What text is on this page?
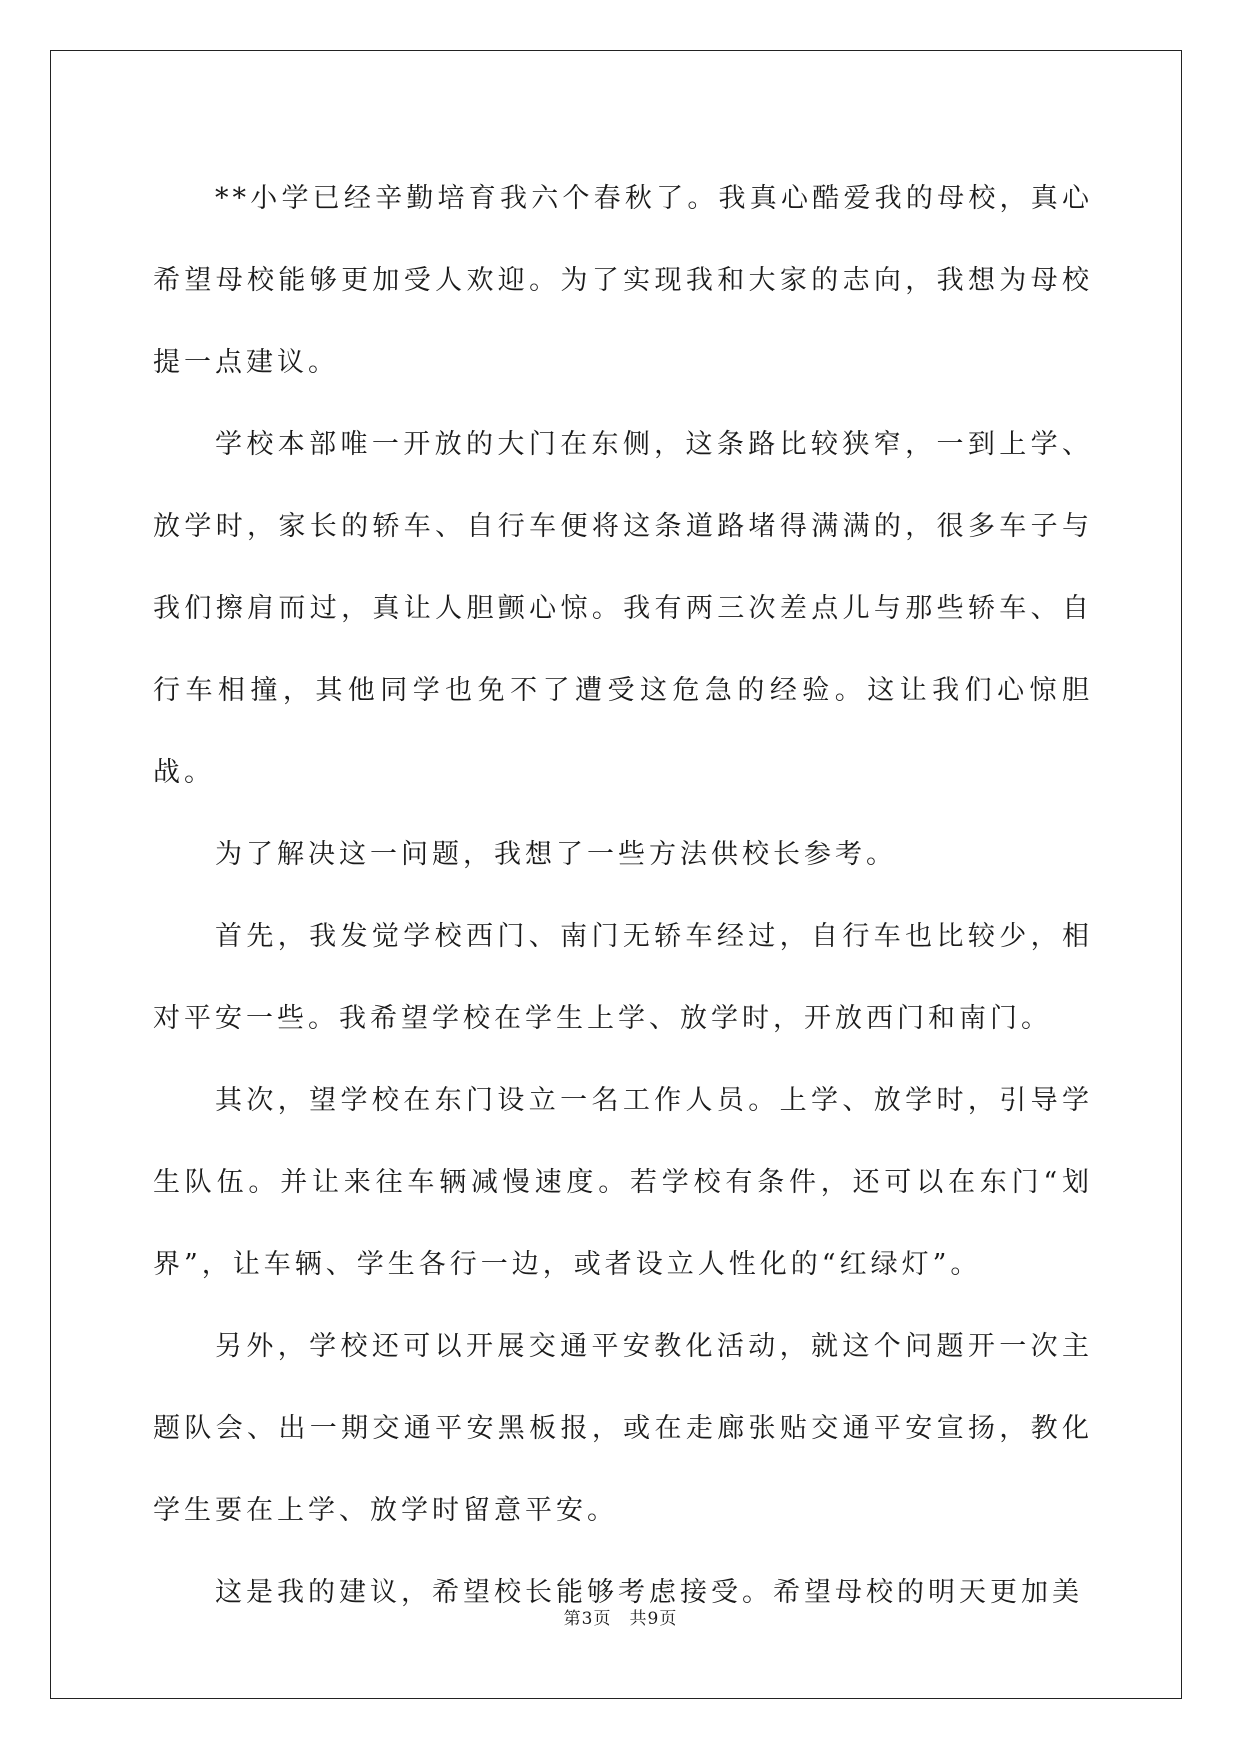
**小学已经辛勤培育我六个春秋了。我真心酷爱我的母校，真心希望母校能够更加受人欢迎。为了实现我和大家的志向，我想为母校提一点建议。

学校本部唯一开放的大门在东侧，这条路比较狭窄，一到上学、放学时，家长的轿车、自行车便将这条道路堵得满满的，很多车子与我们擦肩而过，真让人胆颤心惊。我有两三次差点儿与那些轿车、自行车相撞，其他同学也免不了遭受这危急的经验。这让我们心惊胆战。

为了解决这一问题，我想了一些方法供校长参考。

首先，我发觉学校西门、南门无轿车经过，自行车也比较少，相对平安一些。我希望学校在学生上学、放学时，开放西门和南门。

其次，望学校在东门设立一名工作人员。上学、放学时，引导学生队伍。并让来往车辆减慢速度。若学校有条件，还可以在东门“划界”，让车辆、学生各行一边，或者设立人性化的“红绿灯”。

另外，学校还可以开展交通平安教化活动，就这个问题开一次主题队会、出一期交通平安黑板报，或在走廊张贴交通平安宣扬，教化学生要在上学、放学时留意平安。

这是我的建议，希望校长能够考虑接受。希望母校的明天更加美

第3页 共9页
